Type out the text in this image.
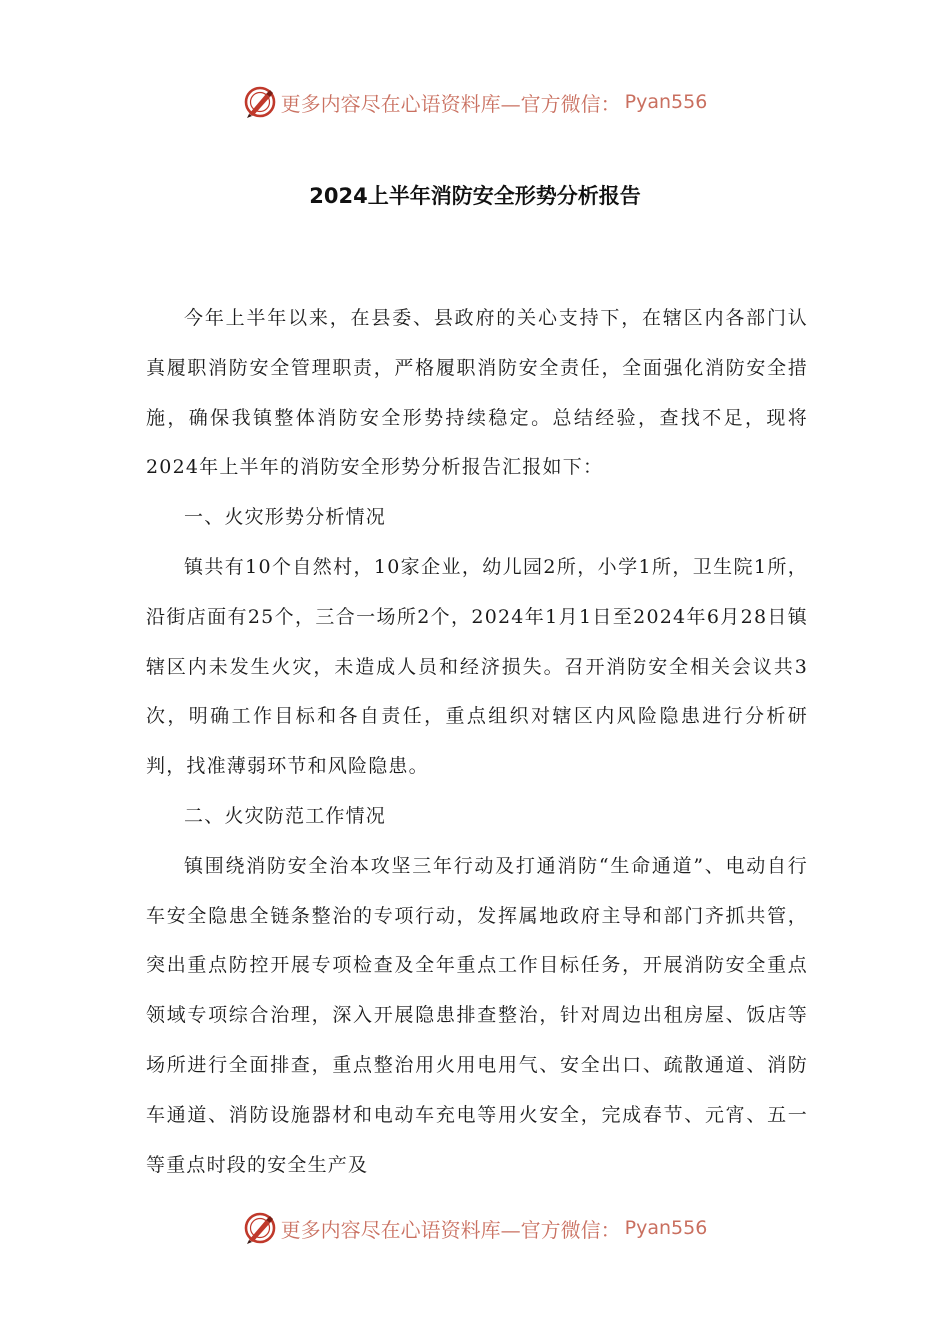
更多内容尽在心语资料库— 官方微信： Pyan556
2024上半年消防安全形势分析报告

今年上半年以来，在县委、县政府的关心支持下，在辖区内各部门认真履职消防安全管理职责，严格履职消防安全责任，全面强化消防安全措施，确保我镇整体消防安全形势持续稳定。总结经验，查找不足，现将2024年上半年的消防安全形势分析报告汇报如下：

一、火灾形势分析情况

镇共有10个自然村，10家企业，幼儿园2所，小学1所，卫生院1所，沿街店面有25个，三合一场所2个，2024年1月1日至2024年6月28日镇辖区内未发生火灾，未造成人员和经济损失。召开消防安全相关会议共3次，明确工作目标和各自责任，重点组织对辖区内风险隐患进行分析研判，找准薄弱环节和风险隐患。

二、火灾防范工作情况

镇围绕消防安全治本攻坚三年行动及打通消防“生命通道”、电动自行车安全隐患全链条整治的专项行动，发挥属地政府主导和部门齐抓共管，突出重点防控开展专项检查及全年重点工作目标任务，开展消防安全重点领域专项综合治理，深入开展隐患排查整治，针对周边出租房屋、饭店等场所进行全面排查，重点整治用火用电用气、安全出口、疏散通道、消防车通道、消防设施器材和电动车充电等用火安全，完成春节、元宵、五一等重点时段的安全生产及

更多内容尽在心语资料库— 官方微信： Pyan556
